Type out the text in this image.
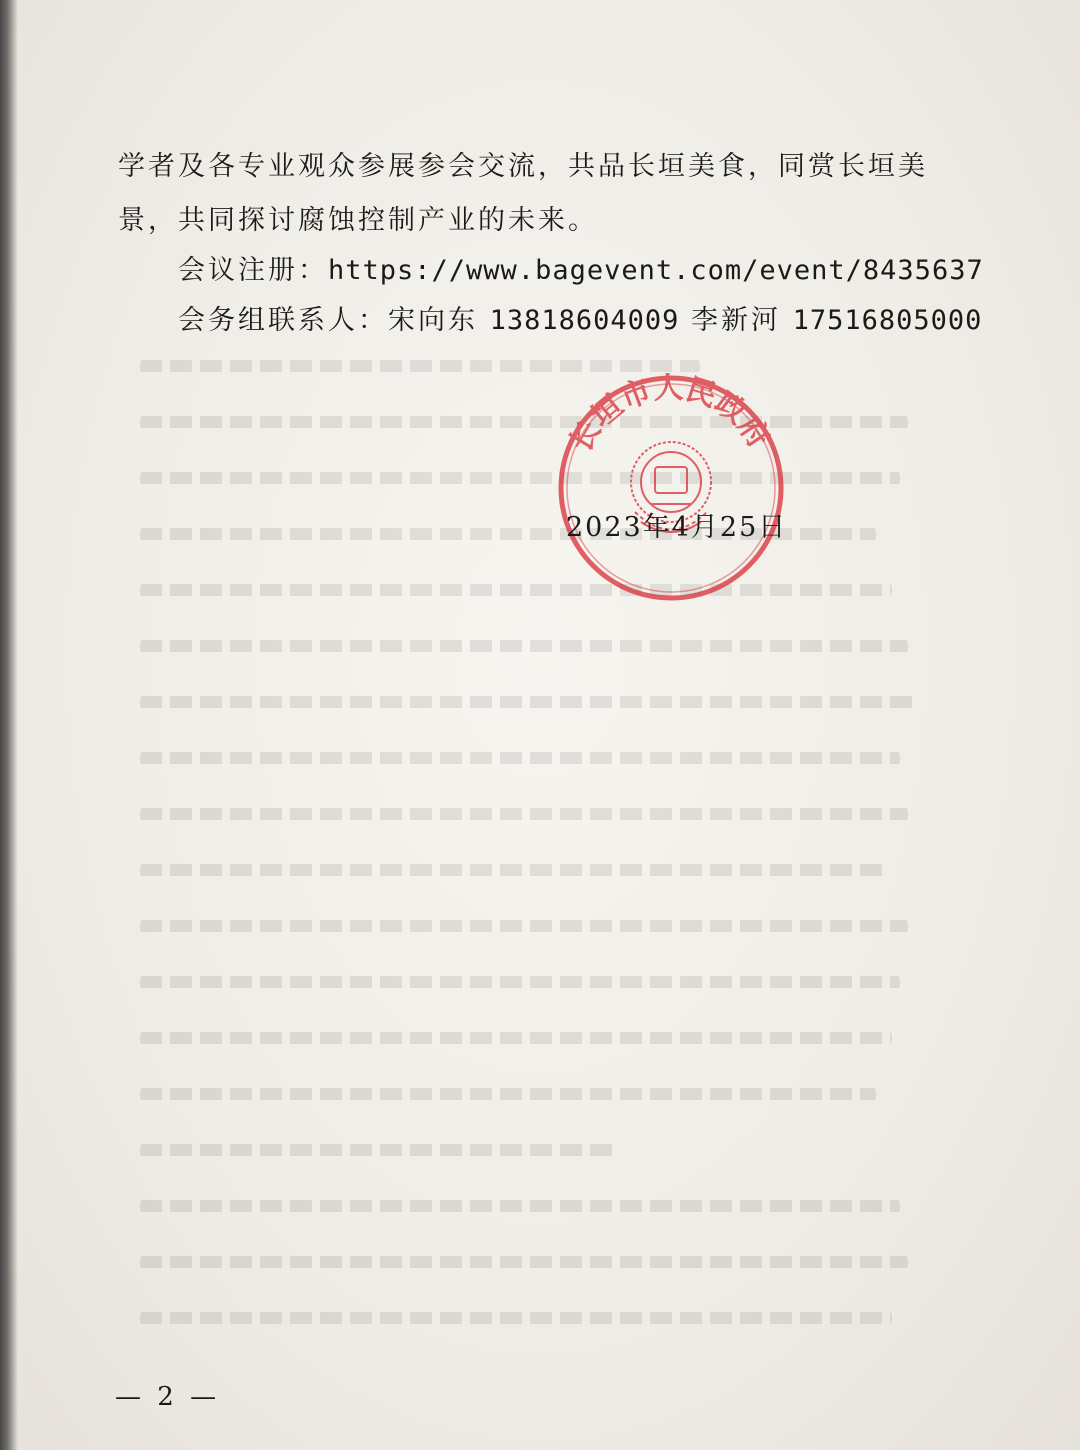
学者及各专业观众参展参会交流，共品长垣美食，同赏长垣美
景，共同探讨腐蚀控制产业的未来。
会议注册：https://www.bagevent.com/event/8435637
会务组联系人：宋向东 13818604009 李新河 17516805000
长垣市人民政府
2023年4月25日
— 2 —
